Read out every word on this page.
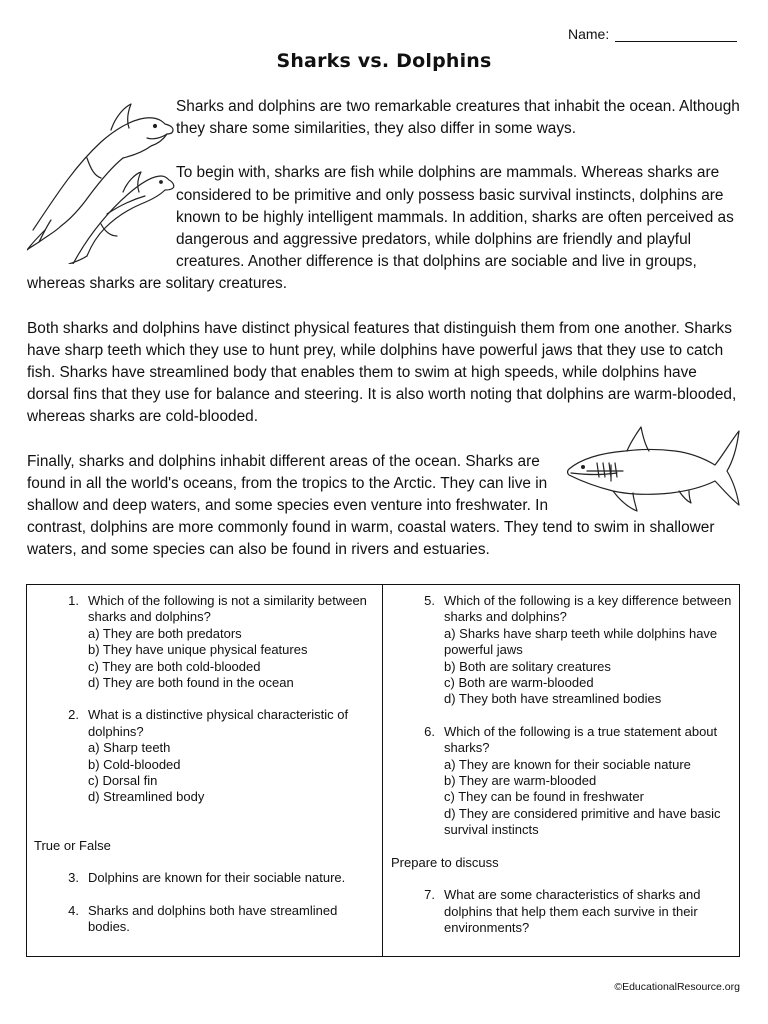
Name:
Sharks vs. Dolphins

Sharks and dolphins are two remarkable creatures that inhabit the ocean. Although they share some similarities, they also differ in some ways.

To begin with, sharks are fish while dolphins are mammals. Whereas sharks are considered to be primitive and only possess basic survival instincts, dolphins are known to be highly intelligent mammals. In addition, sharks are often perceived as dangerous and aggressive predators, while dolphins are friendly and playful creatures. Another difference is that dolphins are sociable and live in groups, whereas sharks are solitary creatures.

Both sharks and dolphins have distinct physical features that distinguish them from one another. Sharks have sharp teeth which they use to hunt prey, while dolphins have powerful jaws that they use to catch fish. Sharks have streamlined body that enables them to swim at high speeds, while dolphins have dorsal fins that they use for balance and steering. It is also worth noting that dolphins are warm-blooded, whereas sharks are cold-blooded.

Finally, sharks and dolphins inhabit different areas of the ocean. Sharks are found in all the world's oceans, from the tropics to the Arctic. They can live in shallow and deep waters, and some species even venture into freshwater. In contrast, dolphins are more commonly found in warm, coastal waters. They tend to swim in shallower waters, and some species can also be found in rivers and estuaries.

1. Which of the following is not a similarity between sharks and dolphins?
a) They are both predators
b) They have unique physical features
c) They are both cold-blooded
d) They are both found in the ocean
2. What is a distinctive physical characteristic of dolphins?
a) Sharp teeth
b) Cold-blooded
c) Dorsal fin
d) Streamlined body
True or False
3. Dolphins are known for their sociable nature.
4. Sharks and dolphins both have streamlined bodies.
5. Which of the following is a key difference between sharks and dolphins?
a) Sharks have sharp teeth while dolphins have powerful jaws
b) Both are solitary creatures
c) Both are warm-blooded
d) They both have streamlined bodies
6. Which of the following is a true statement about sharks?
a) They are known for their sociable nature
b) They are warm-blooded
c) They can be found in freshwater
d) They are considered primitive and have basic survival instincts
Prepare to discuss
7. What are some characteristics of sharks and dolphins that help them each survive in their environments?
©EducationalResource.org
